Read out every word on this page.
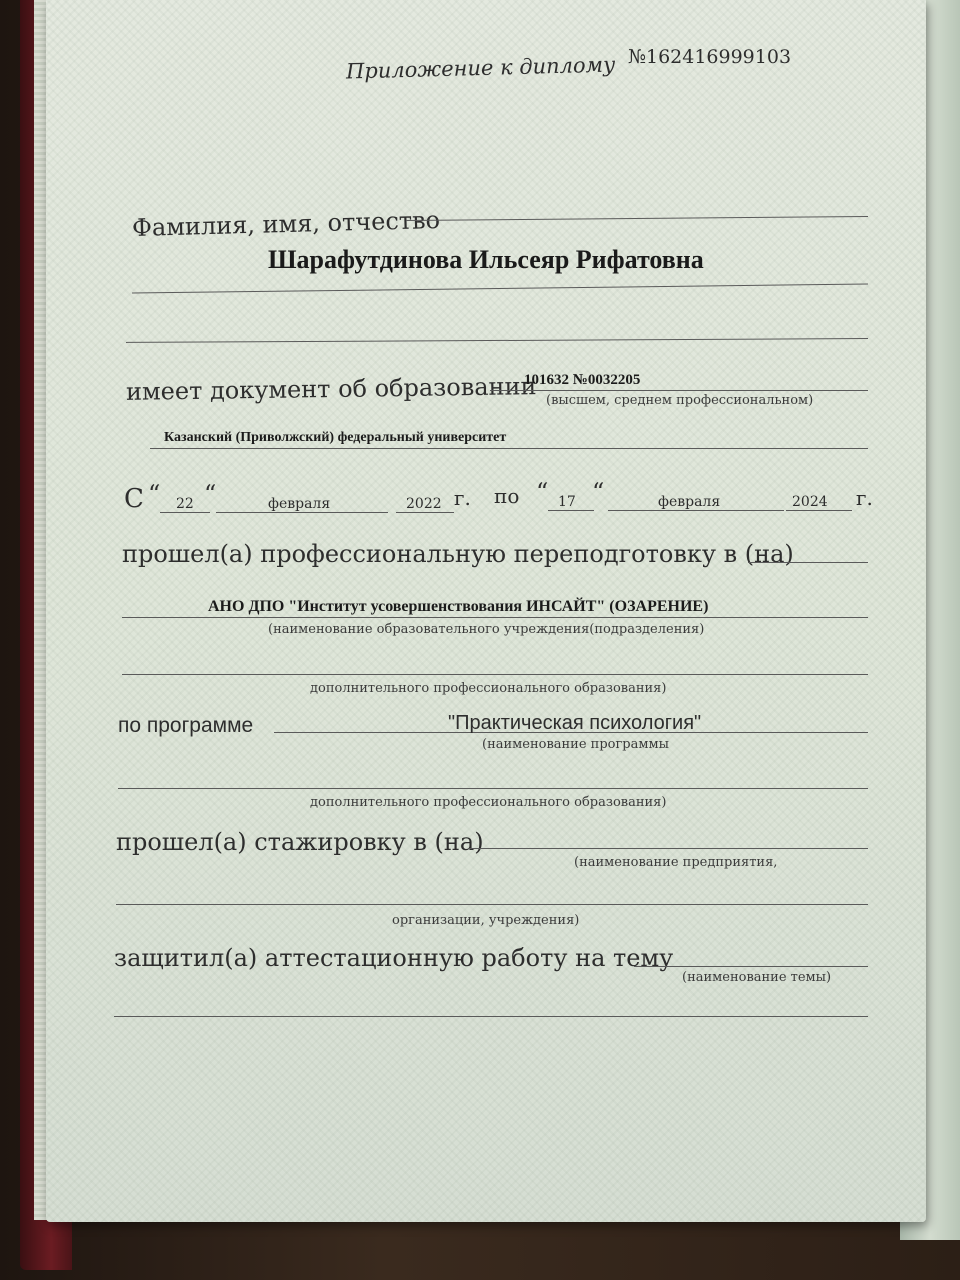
Приложение к диплому №162416999103
Фамилия, имя, отчество
Шарафутдинова Ильсеяр Рифатовна
имеет документ об образовании
101632 №0032205
(высшем, среднем профессиональном)
Казанский (Приволжский) федеральный университет
С “ 22 “	февраля	2022 г. по “ 17 “	февраля	2024 г.
прошел(а) профессиональную переподготовку в (на)
АНО ДПО "Институт усовершенствования ИНСАЙТ" (ОЗАРЕНИЕ)
(наименование образовательного учреждения(подразделения)
дополнительного профессионального образования)
по программе	"Практическая психология"
(наименование программы
дополнительного профессионального образования)
прошел(а) стажировку в (на)
(наименование предприятия,
организации, учреждения)
защитил(а) аттестационную работу на тему
(наименование темы)
